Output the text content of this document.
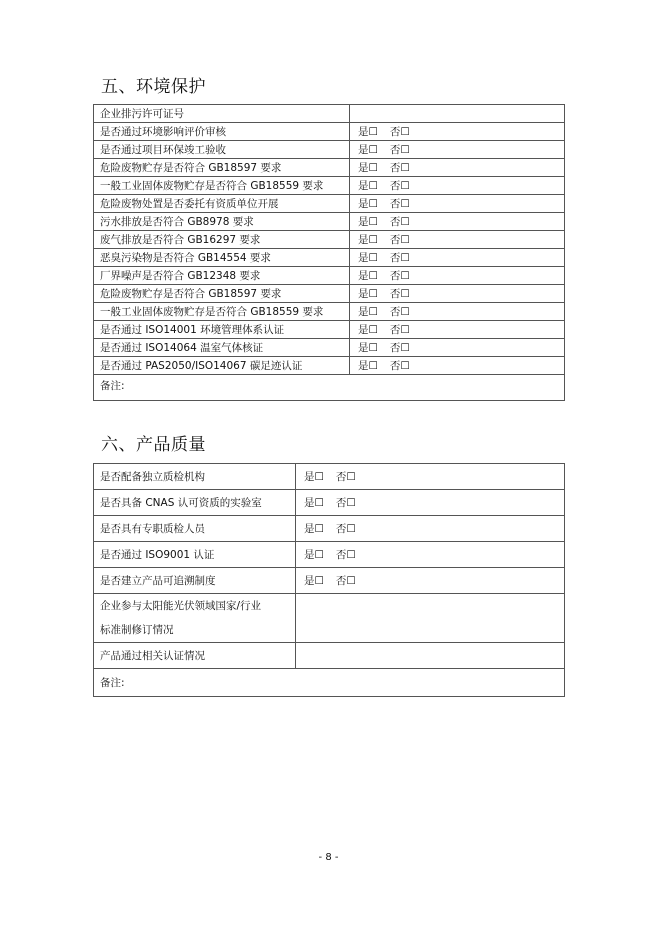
五、环境保护
企业排污许可证号	
是否通过环境影响评价审核	是☐ 否☐
是否通过项目环保竣工验收	是☐ 否☐
危险废物贮存是否符合 GB18597 要求	是☐ 否☐
一般工业固体废物贮存是否符合 GB18559 要求	是☐ 否☐
危险废物处置是否委托有资质单位开展	是☐ 否☐
污水排放是否符合 GB8978 要求	是☐ 否☐
废气排放是否符合 GB16297 要求	是☐ 否☐
恶臭污染物是否符合 GB14554 要求	是☐ 否☐
厂界噪声是否符合 GB12348 要求	是☐ 否☐
危险废物贮存是否符合 GB18597 要求	是☐ 否☐
一般工业固体废物贮存是否符合 GB18559 要求	是☐ 否☐
是否通过 ISO14001 环境管理体系认证	是☐ 否☐
是否通过 ISO14064 温室气体核证	是☐ 否☐
是否通过 PAS2050/ISO14067 碳足迹认证	是☐ 否☐
备注:	
六、产品质量
是否配备独立质检机构	是☐ 否☐
是否具备 CNAS 认可资质的实验室	是☐ 否☐
是否具有专职质检人员	是☐ 否☐
是否通过 ISO9001 认证	是☐ 否☐
是否建立产品可追溯制度	是☐ 否☐

企业参与太阳能光伏领域国家/行业
标准制修订情况	

产品通过相关认证情况	
备注:	
- 8 -
